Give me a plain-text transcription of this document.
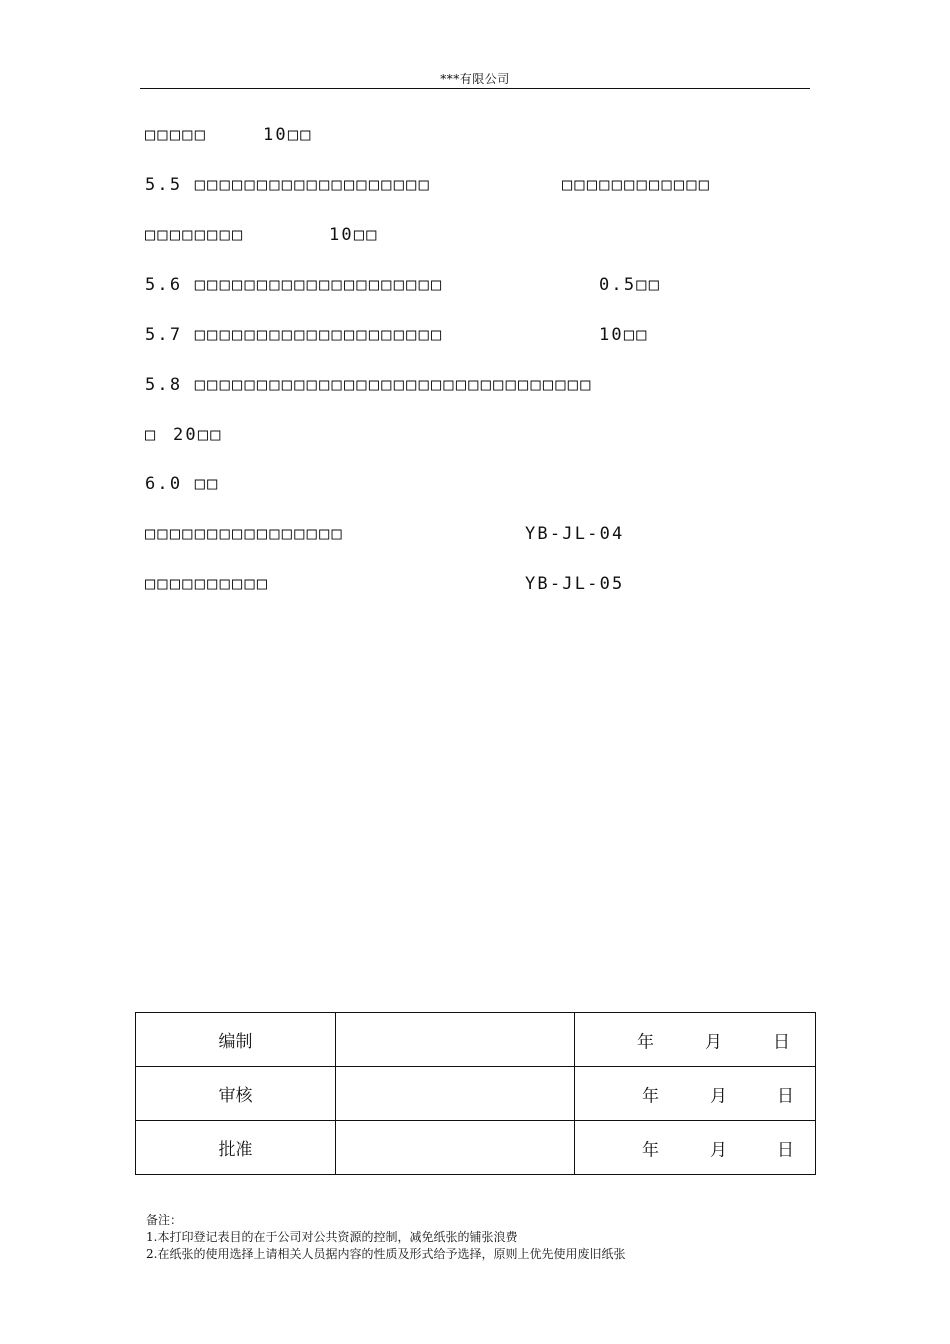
***有限公司
□□□□□	10□□
5.5 □□□□□□□□□□□□□□□□□□□	□□□□□□□□□□□□
□□□□□□□□	10□□
5.6 □□□□□□□□□□□□□□□□□□□□	0.5□□
5.7 □□□□□□□□□□□□□□□□□□□□	10□□
5.8 □□□□□□□□□□□□□□□□□□□□□□□□□□□□□□□□
□ 20□□
6.0 □□
□□□□□□□□□□□□□□□□	YB-JL-04
□□□□□□□□□□	YB-JL-05
编制		年 月 日

审核		年 月 日

批准		年 月 日
备注：
1.本打印登记表目的在于公司对公共资源的控制，减免纸张的铺张浪费
2.在纸张的使用选择上请相关人员据内容的性质及形式给予选择，原则上优先使用废旧纸张
